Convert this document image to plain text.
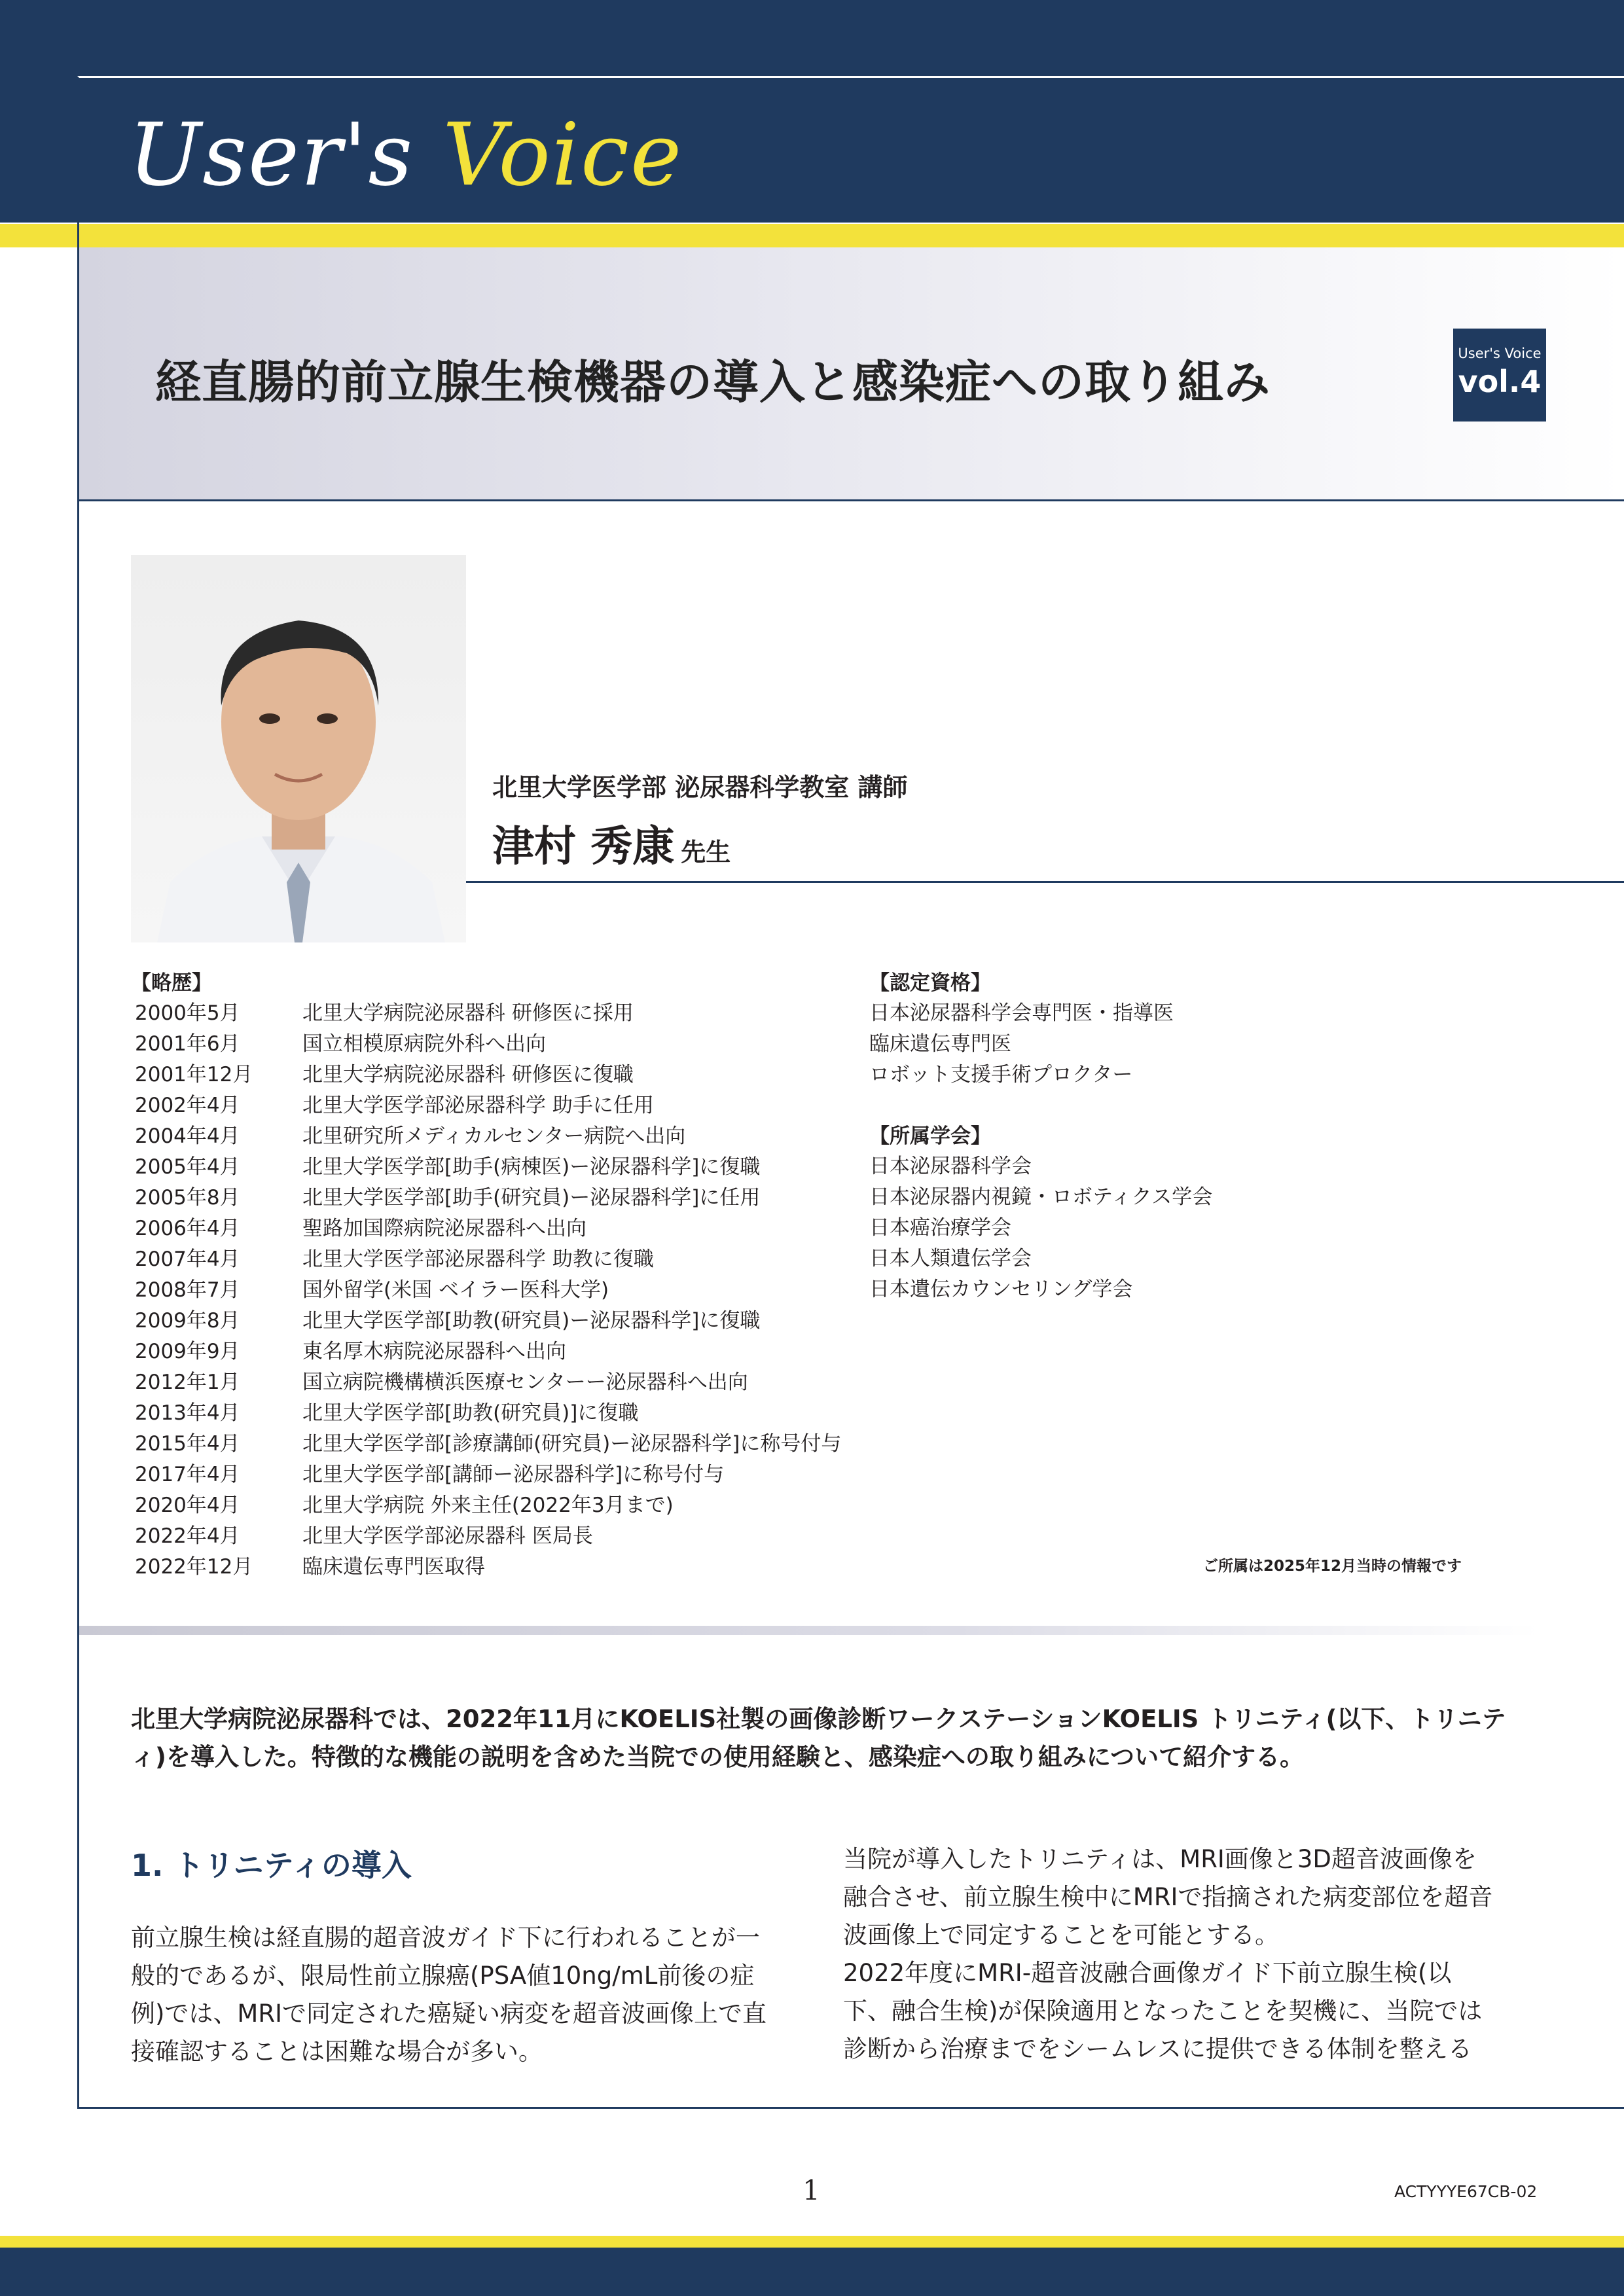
User's Voice
経直腸的前立腺生検機器の導入と感染症への取り組み
User's Voice
vol.4
北里大学医学部 泌尿器科学教室 講師
津村 秀康 先生
【略歴】
2000年5月	北里大学病院泌尿器科 研修医に採用
2001年6月	国立相模原病院外科へ出向
2001年12月	北里大学病院泌尿器科 研修医に復職
2002年4月	北里大学医学部泌尿器科学 助手に任用
2004年4月	北里研究所メディカルセンター病院へ出向
2005年4月	北里大学医学部[助手(病棟医)ー泌尿器科学]に復職
2005年8月	北里大学医学部[助手(研究員)ー泌尿器科学]に任用
2006年4月	聖路加国際病院泌尿器科へ出向
2007年4月	北里大学医学部泌尿器科学 助教に復職
2008年7月	国外留学(米国 ベイラー医科大学)
2009年8月	北里大学医学部[助教(研究員)ー泌尿器科学]に復職
2009年9月	東名厚木病院泌尿器科へ出向
2012年1月	国立病院機構横浜医療センターー泌尿器科へ出向
2013年4月	北里大学医学部[助教(研究員)]に復職
2015年4月	北里大学医学部[診療講師(研究員)ー泌尿器科学]に称号付与
2017年4月	北里大学医学部[講師ー泌尿器科学]に称号付与
2020年4月	北里大学病院 外来主任(2022年3月まで)
2022年4月	北里大学医学部泌尿器科 医局長
2022年12月	臨床遺伝専門医取得
【認定資格】
日本泌尿器科学会専門医・指導医
臨床遺伝専門医
ロボット支援手術プロクター
【所属学会】
日本泌尿器科学会
日本泌尿器内視鏡・ロボティクス学会
日本癌治療学会
日本人類遺伝学会
日本遺伝カウンセリング学会
ご所属は2025年12月当時の情報です
北里大学病院泌尿器科では、2022年11月にKOELIS社製の画像診断ワークステーションKOELIS トリニティ(以下、トリニティ)を導入した。特徴的な機能の説明を含めた当院での使用経験と、感染症への取り組みについて紹介する。
1. トリニティの導入

前立腺生検は経直腸的超音波ガイド下に行われることが一般的であるが、限局性前立腺癌(PSA値10ng/mL前後の症例)では、MRIで同定された癌疑い病変を超音波画像上で直接確認することは困難な場合が多い。

当院が導入したトリニティは、MRI画像と3D超音波画像を融合させ、前立腺生検中にMRIで指摘された病変部位を超音波画像上で同定することを可能とする。

2022年度にMRI-超音波融合画像ガイド下前立腺生検(以下、融合生検)が保険適用となったことを契機に、当院では診断から治療までをシームレスに提供できる体制を整える

1	ACTYYYE67CB-02
